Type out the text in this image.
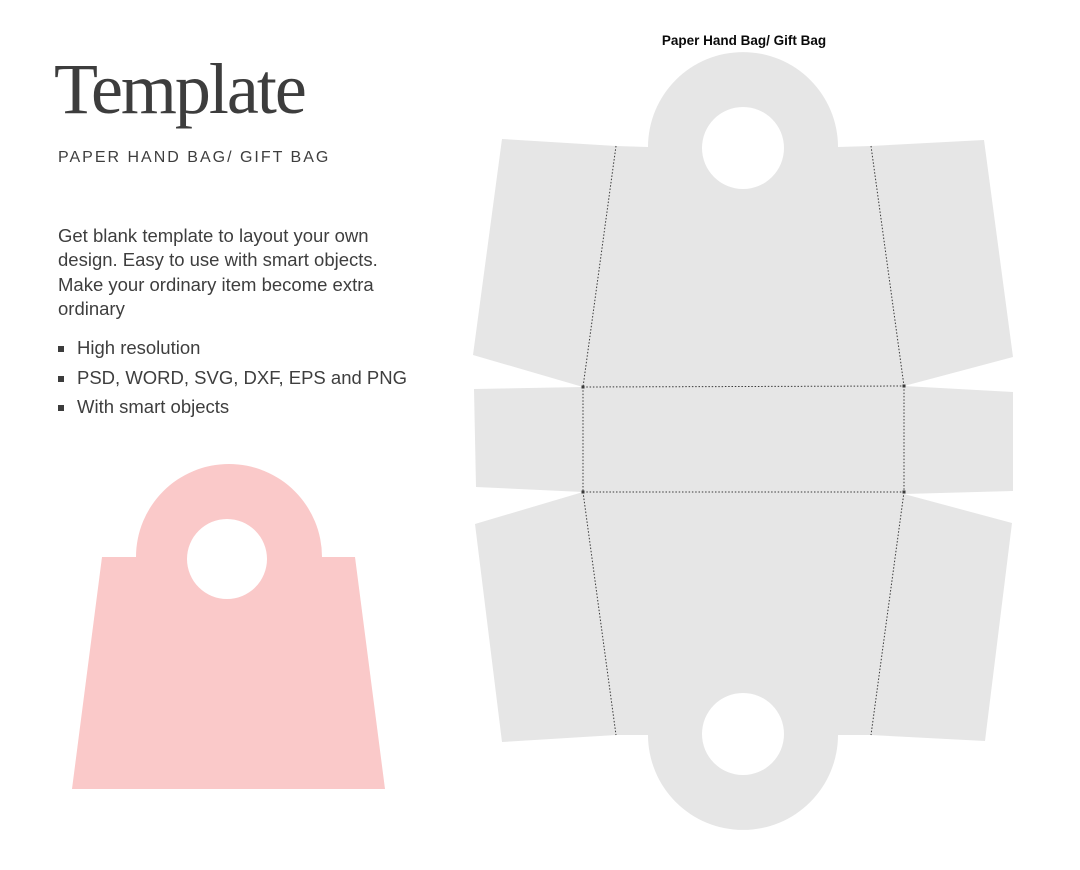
Template
PAPER HAND BAG/ GIFT BAG
Get blank template to layout your own
design. Easy to use with smart objects.
Make your ordinary item become extra
ordinary
High resolution
PSD, WORD, SVG, DXF, EPS and PNG
With smart objects
Paper Hand Bag/ Gift Bag
